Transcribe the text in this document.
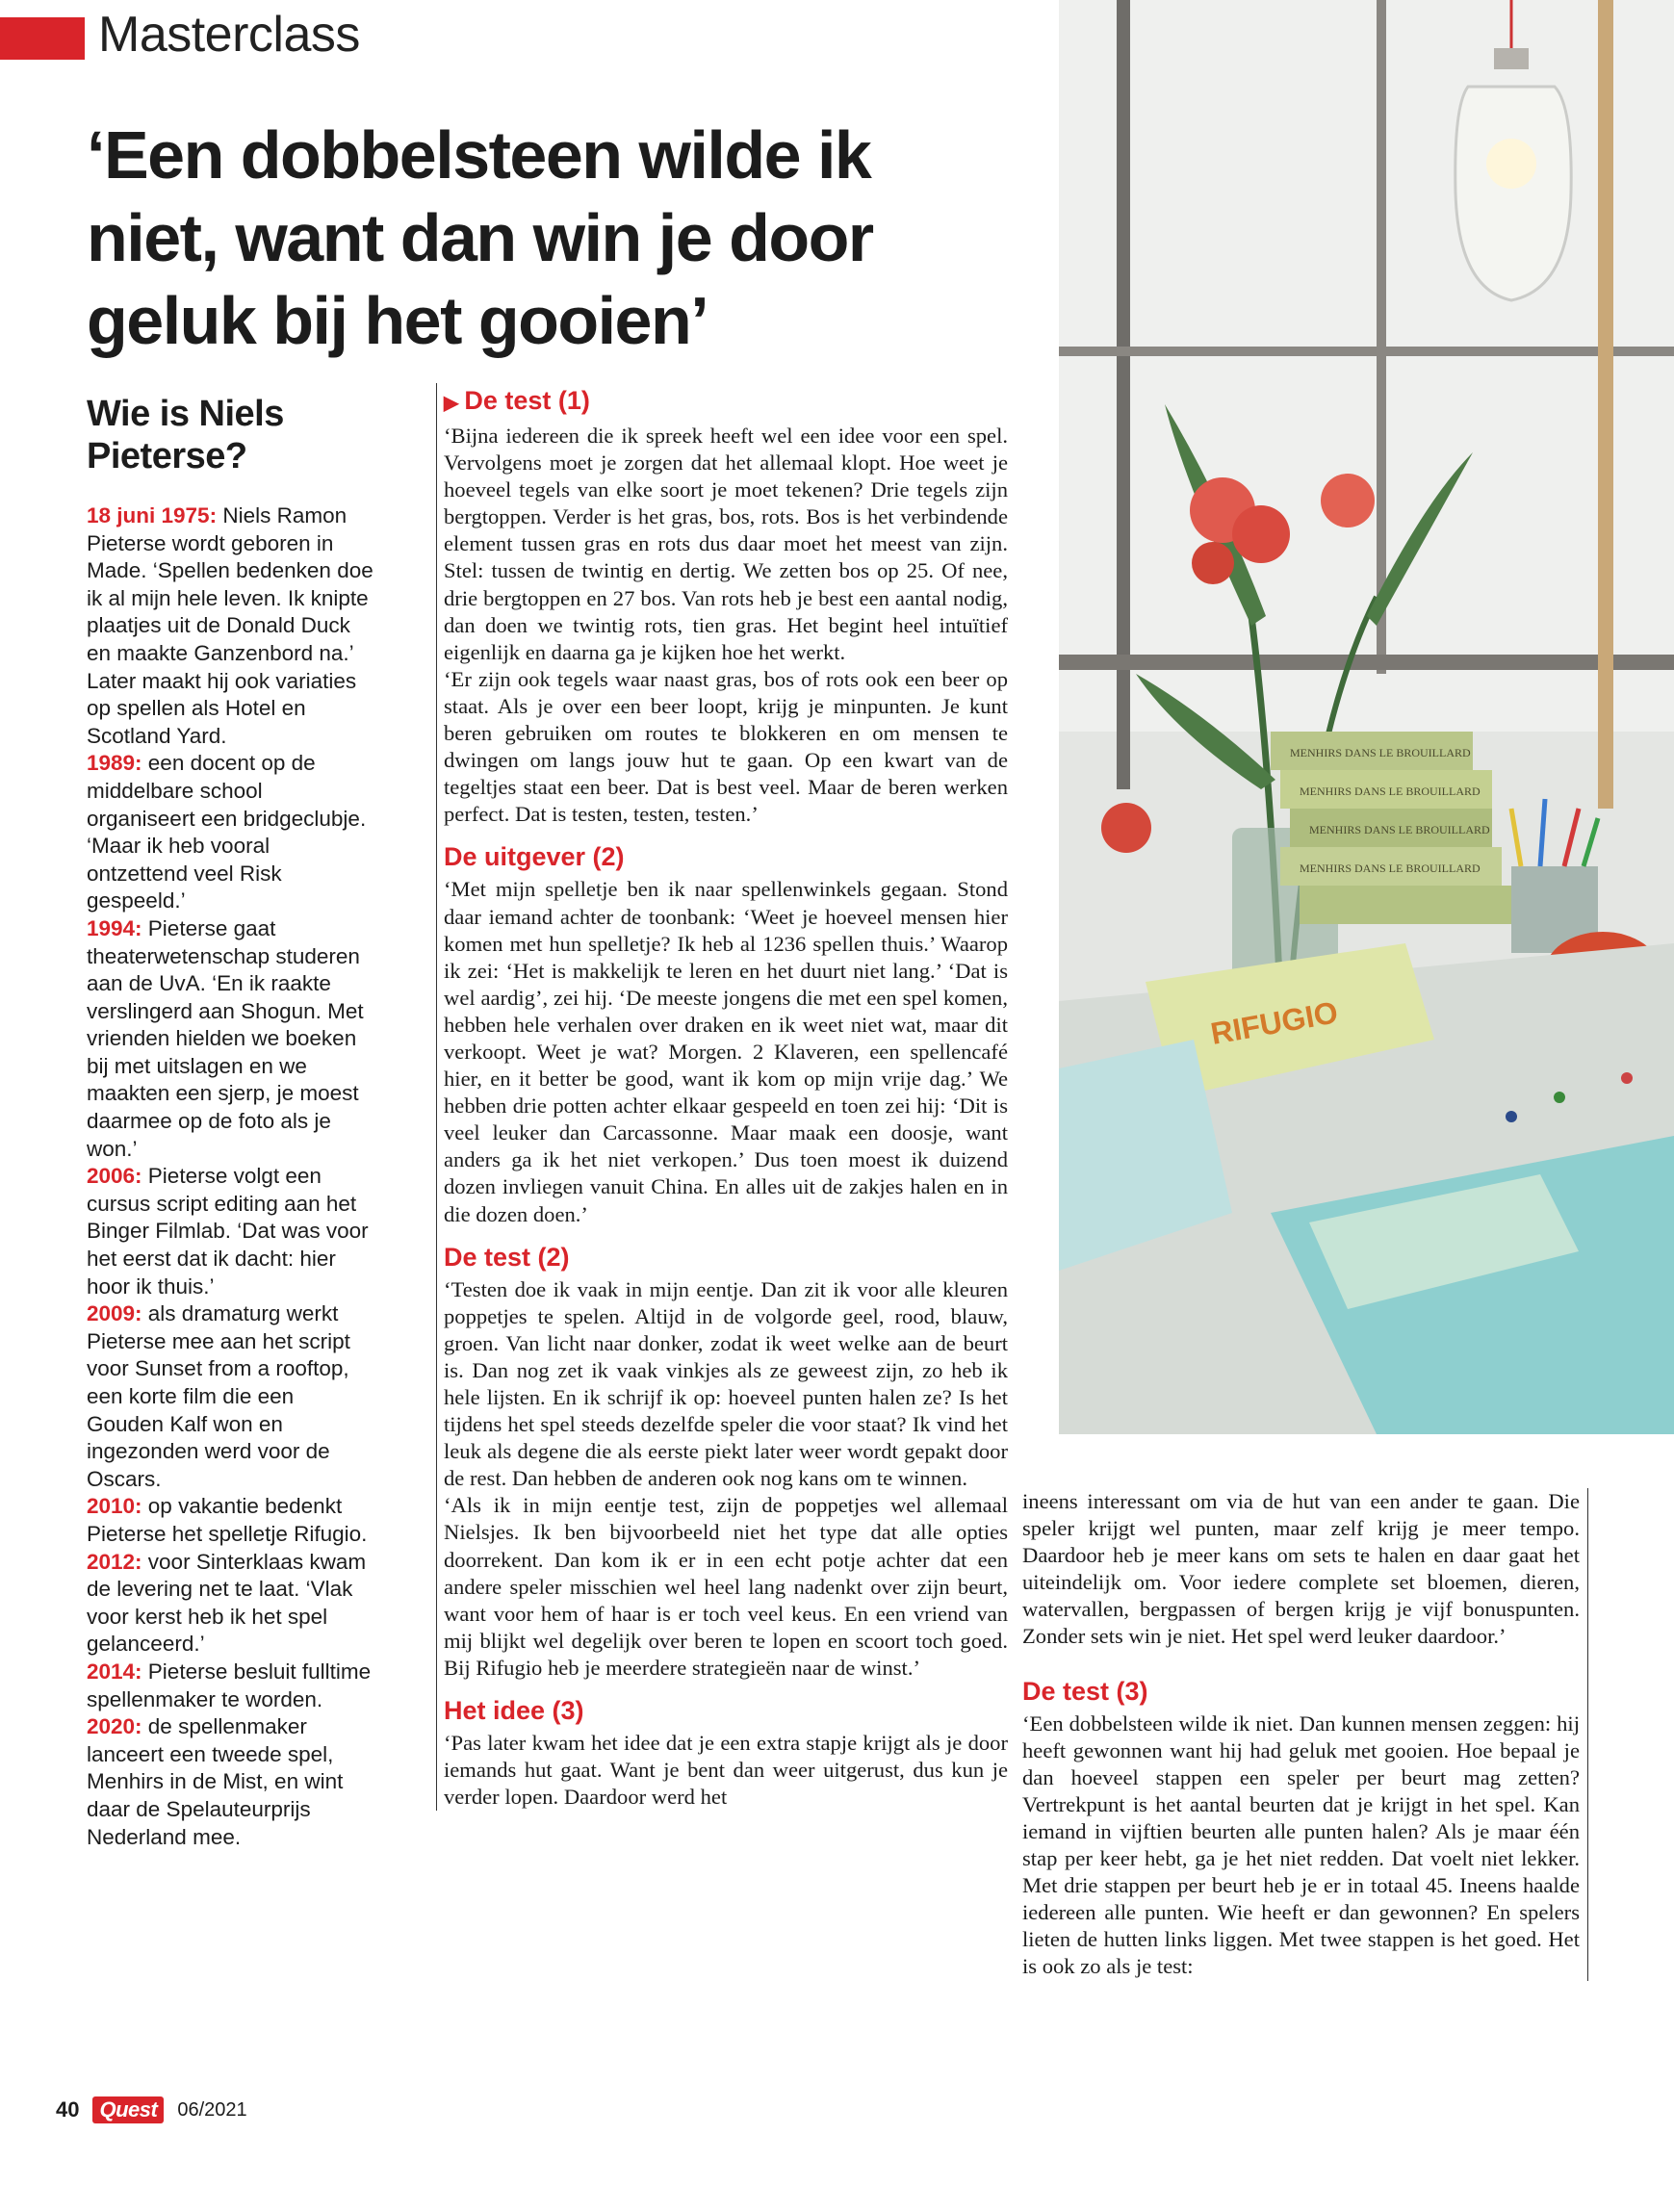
Masterclass
‘Een dobbelsteen wilde ik niet, want dan win je door geluk bij het gooien’
MENHIRS DANS LE BROUILLARD
MENHIRS DANS LE BROUILLARD
MENHIRS DANS LE BROUILLARD
MENHIRS DANS LE BROUILLARD
RIFUGIO
Wie is Niels Pieterse?

18 juni 1975: Niels Ramon Pieterse wordt geboren in Made. ‘Spellen bedenken doe ik al mijn hele leven. Ik knipte plaatjes uit de Donald Duck en maakte Ganzenbord na.’ Later maakt hij ook variaties op spellen als Hotel en Scotland Yard.

1989: een docent op de middelbare school organiseert een bridgeclubje. ‘Maar ik heb vooral ontzettend veel Risk gespeeld.’

1994: Pieterse gaat theaterwetenschap studeren aan de UvA. ‘En ik raakte verslingerd aan Shogun. Met vrienden hielden we boeken bij met uitslagen en we maakten een sjerp, je moest daarmee op de foto als je won.’

2006: Pieterse volgt een cursus script editing aan het Binger Filmlab. ‘Dat was voor het eerst dat ik dacht: hier hoor ik thuis.’

2009: als dramaturg werkt Pieterse mee aan het script voor Sunset from a rooftop, een korte film die een Gouden Kalf won en ingezonden werd voor de Oscars.

2010: op vakantie bedenkt Pieterse het spelletje Rifugio.

2012: voor Sinterklaas kwam de levering net te laat. ‘Vlak voor kerst heb ik het spel gelanceerd.’

2014: Pieterse besluit fulltime spellenmaker te worden.

2020: de spellenmaker lanceert een tweede spel, Menhirs in de Mist, en wint daar de Spelauteurprijs Nederland mee.

▶ De test (1)

‘Bijna iedereen die ik spreek heeft wel een idee voor een spel. Vervolgens moet je zorgen dat het allemaal klopt. Hoe weet je hoeveel tegels van elke soort je moet tekenen? Drie tegels zijn bergtoppen. Verder is het gras, bos, rots. Bos is het verbindende element tussen gras en rots dus daar moet het meest van zijn. Stel: tussen de twintig en dertig. We zetten bos op 25. Of nee, drie bergtoppen en 27 bos. Van rots heb je best een aantal nodig, dan doen we twintig rots, tien gras. Het begint heel intuïtief eigenlijk en daarna ga je kijken hoe het werkt.

‘Er zijn ook tegels waar naast gras, bos of rots ook een beer op staat. Als je over een beer loopt, krijg je minpunten. Je kunt beren gebruiken om routes te blokkeren en om mensen te dwingen om langs jouw hut te gaan. Op een kwart van de tegeltjes staat een beer. Dat is best veel. Maar de beren werken perfect. Dat is testen, testen, testen.’

De uitgever (2)

‘Met mijn spelletje ben ik naar spellenwinkels gegaan. Stond daar iemand achter de toonbank: ‘Weet je hoeveel mensen hier komen met hun spelletje? Ik heb al 1236 spellen thuis.’ Waarop ik zei: ‘Het is makkelijk te leren en het duurt niet lang.’ ‘Dat is wel aardig’, zei hij. ‘De meeste jongens die met een spel komen, hebben hele verhalen over draken en ik weet niet wat, maar dit verkoopt. Weet je wat? Morgen. 2 Klaveren, een spellencafé hier, en it better be good, want ik kom op mijn vrije dag.’ We hebben drie potten achter elkaar gespeeld en toen zei hij: ‘Dit is veel leuker dan Carcassonne. Maar maak een doosje, want anders ga ik het niet verkopen.’ Dus toen moest ik duizend dozen invliegen vanuit China. En alles uit de zakjes halen en in die dozen doen.’

De test (2)

‘Testen doe ik vaak in mijn eentje. Dan zit ik voor alle kleuren poppetjes te spelen. Altijd in de volgorde geel, rood, blauw, groen. Van licht naar donker, zodat ik weet welke aan de beurt is. Dan nog zet ik vaak vinkjes als ze geweest zijn, zo heb ik hele lijsten. En ik schrijf ik op: hoeveel punten halen ze? Is het tijdens het spel steeds dezelfde speler die voor staat? Ik vind het leuk als degene die als eerste piekt later weer wordt gepakt door de rest. Dan hebben de anderen ook nog kans om te winnen.

‘Als ik in mijn eentje test, zijn de poppetjes wel allemaal Nielsjes. Ik ben bijvoorbeeld niet het type dat alle opties doorrekent. Dan kom ik er in een echt potje achter dat een andere speler misschien wel heel lang nadenkt over zijn beurt, want voor hem of haar is er toch veel keus. En een vriend van mij blijkt wel degelijk over beren te lopen en scoort toch goed. Bij Rifugio heb je meerdere strategieën naar de winst.’

Het idee (3)

‘Pas later kwam het idee dat je een extra stapje krijgt als je door iemands hut gaat. Want je bent dan weer uitgerust, dus kun je verder lopen. Daardoor werd het

ineens interessant om via de hut van een ander te gaan. Die speler krijgt wel punten, maar zelf krijg je meer tempo. Daardoor heb je meer kans om sets te halen en daar gaat het uiteindelijk om. Voor iedere complete set bloemen, dieren, watervallen, bergpassen of bergen krijg je vijf bonuspunten. Zonder sets win je niet. Het spel werd leuker daardoor.’

De test (3)

‘Een dobbelsteen wilde ik niet. Dan kunnen mensen zeggen: hij heeft gewonnen want hij had geluk met gooien. Hoe bepaal je dan hoeveel stappen een speler per beurt mag zetten? Vertrekpunt is het aantal beurten dat je krijgt in het spel. Kan iemand in vijftien beurten alle punten halen? Als je maar één stap per keer hebt, ga je het niet redden. Dat voelt niet lekker. Met drie stappen per beurt heb je er in totaal 45. Ineens haalde iedereen alle punten. Wie heeft er dan gewonnen? En spelers lieten de hutten links liggen. Met twee stappen is het goed. Het is ook zo als je test:

40 Quest	06/2021
